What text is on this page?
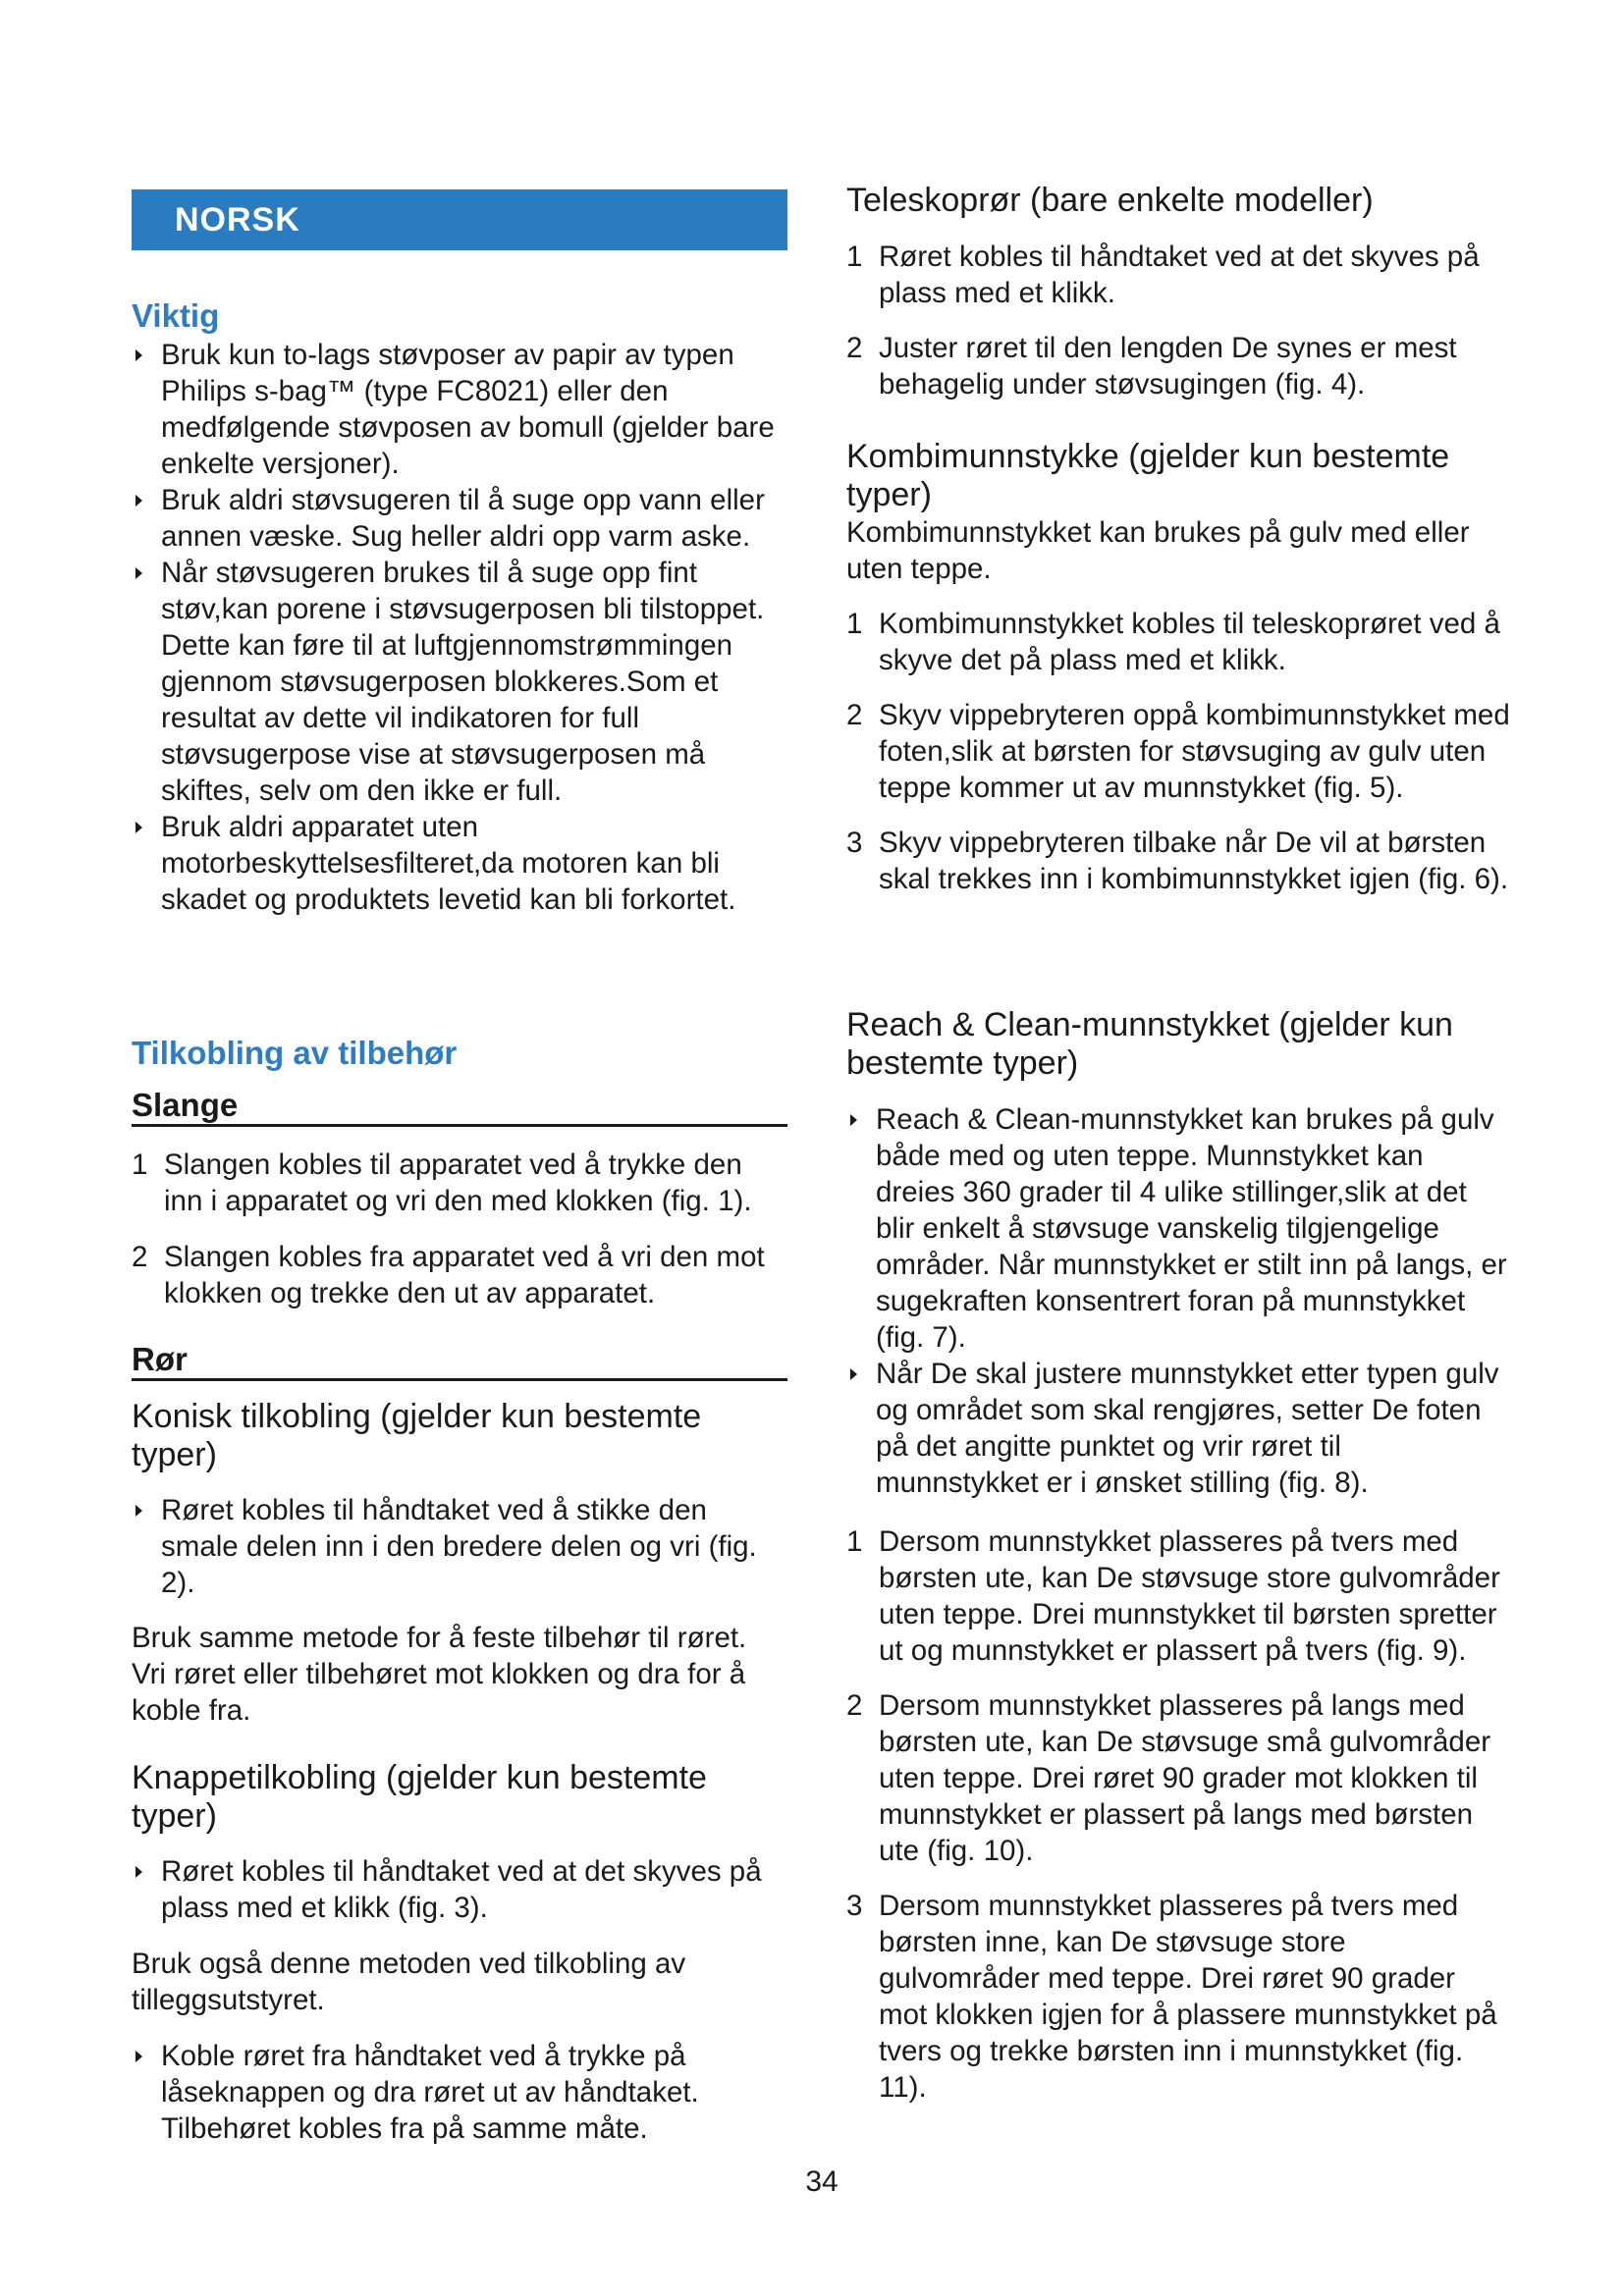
NORSK
Viktig
Bruk kun to-lags støvposer av papir av typen Philips s-bag™ (type FC8021) eller den medfølgende støvposen av bomull (gjelder bare enkelte versjoner).
Bruk aldri støvsugeren til å suge opp vann eller annen væske. Sug heller aldri opp varm aske.
Når støvsugeren brukes til å suge opp fint støv,kan porene i støvsugerposen bli tilstoppet. Dette kan føre til at luftgjennomstrømmingen gjennom støvsugerposen blokkeres.Som et resultat av dette vil indikatoren for full støvsugerpose vise at støvsugerposen må skiftes, selv om den ikke er full.
Bruk aldri apparatet uten motorbeskyttelsesfilteret,da motoren kan bli skadet og produktets levetid kan bli forkortet.
Tilkobling av tilbehør
Slange
1 Slangen kobles til apparatet ved å trykke den inn i apparatet og vri den med klokken (fig. 1).
2 Slangen kobles fra apparatet ved å vri den mot klokken og trekke den ut av apparatet.
Rør
Konisk tilkobling (gjelder kun bestemte typer)
Røret kobles til håndtaket ved å stikke den smale delen inn i den bredere delen og vri (fig. 2).

Bruk samme metode for å feste tilbehør til røret. Vri røret eller tilbehøret mot klokken og dra for å koble fra.

Knappetilkobling (gjelder kun bestemte typer)
Røret kobles til håndtaket ved at det skyves på plass med et klikk (fig. 3).

Bruk også denne metoden ved tilkobling av tilleggsutstyret.

Koble røret fra håndtaket ved å trykke på låseknappen og dra røret ut av håndtaket. Tilbehøret kobles fra på samme måte.
Teleskoprør (bare enkelte modeller)
1 Røret kobles til håndtaket ved at det skyves på plass med et klikk.
2 Juster røret til den lengden De synes er mest behagelig under støvsugingen (fig. 4).
Kombimunnstykke (gjelder kun bestemte typer)

Kombimunnstykket kan brukes på gulv med eller uten teppe.

1 Kombimunnstykket kobles til teleskoprøret ved å skyve det på plass med et klikk.
2 Skyv vippebryteren oppå kombimunnstykket med foten,slik at børsten for støvsuging av gulv uten teppe kommer ut av munnstykket (fig. 5).
3 Skyv vippebryteren tilbake når De vil at børsten skal trekkes inn i kombimunnstykket igjen (fig. 6).
Reach & Clean-munnstykket (gjelder kun bestemte typer)
Reach & Clean-munnstykket kan brukes på gulv både med og uten teppe. Munnstykket kan dreies 360 grader til 4 ulike stillinger,slik at det blir enkelt å støvsuge vanskelig tilgjengelige områder. Når munnstykket er stilt inn på langs, er sugekraften konsentrert foran på munnstykket (fig. 7).
Når De skal justere munnstykket etter typen gulv og området som skal rengjøres, setter De foten på det angitte punktet og vrir røret til munnstykket er i ønsket stilling (fig. 8).
1 Dersom munnstykket plasseres på tvers med børsten ute, kan De støvsuge store gulvområder uten teppe. Drei munnstykket til børsten spretter ut og munnstykket er plassert på tvers (fig. 9).
2 Dersom munnstykket plasseres på langs med børsten ute, kan De støvsuge små gulvområder uten teppe. Drei røret 90 grader mot klokken til munnstykket er plassert på langs med børsten ute (fig. 10).
3 Dersom munnstykket plasseres på tvers med børsten inne, kan De støvsuge store gulvområder med teppe. Drei røret 90 grader mot klokken igjen for å plassere munnstykket på tvers og trekke børsten inn i munnstykket (fig. 11).
34
